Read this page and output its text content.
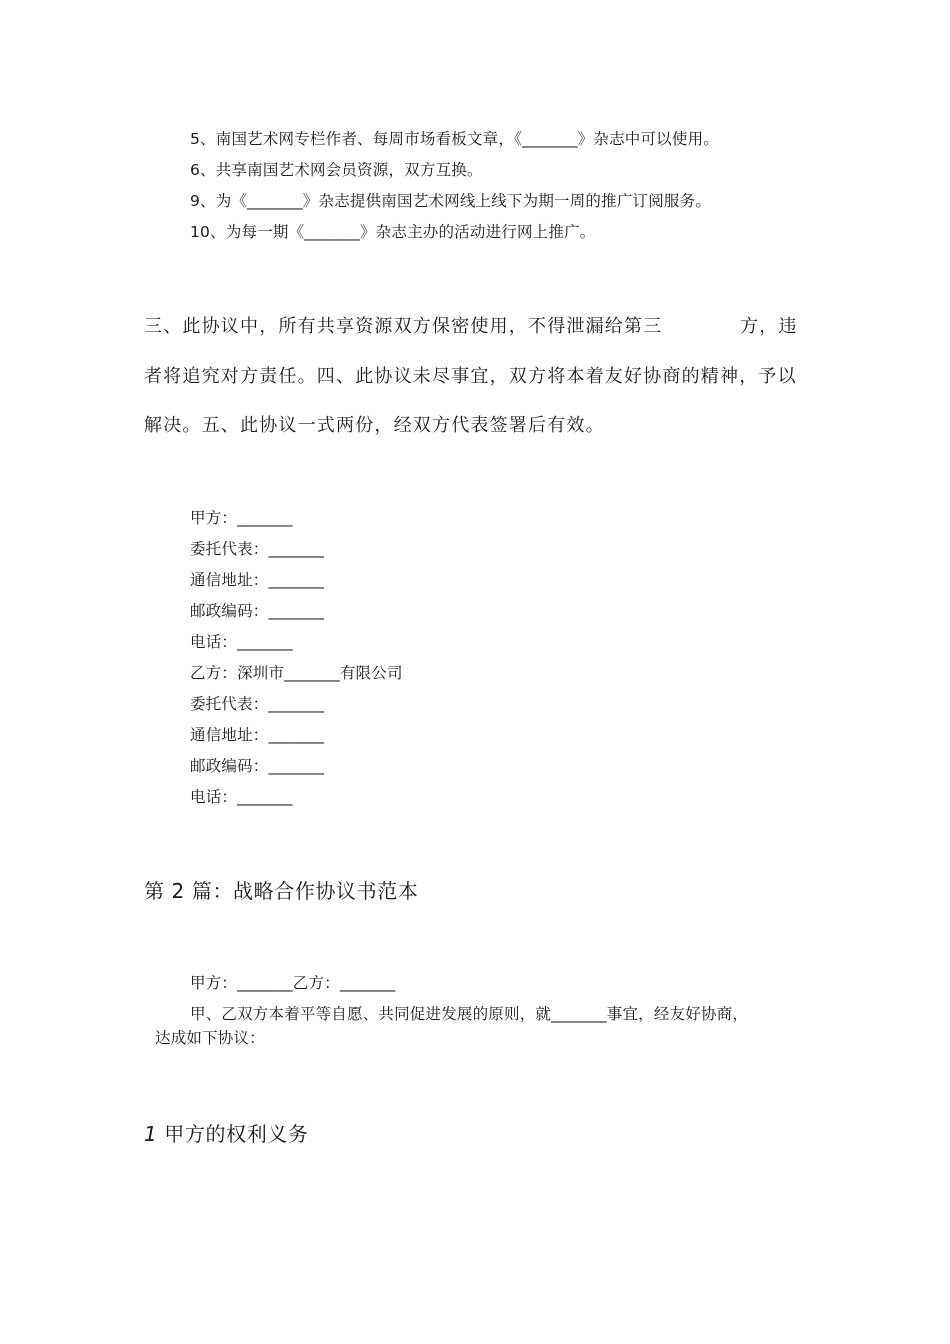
5、南国艺术网专栏作者、每周市场看板文章，《_______》杂志中可以使用。
6、共享南国艺术网会员资源，双方互换。
9、为《_______》杂志提供南国艺术网线上线下为期一周的推广订阅服务。
10、为每一期《_______》杂志主办的活动进行网上推广。
三、此协议中，所有共享资源双方保密使用，不得泄漏给第三	方，违
者将追究对方责任。四、此协议未尽事宜，双方将本着友好协商的精神，予以
解决。五、此协议一式两份，经双方代表签署后有效。
甲方：_______
委托代表：_______
通信地址：_______
邮政编码：_______
电话：_______
乙方：深圳市_______有限公司
委托代表：_______
通信地址：_______
邮政编码：_______
电话：_______
第 2 篇：战略合作协议书范本
甲方：_______乙方：_______
甲、乙双方本着平等自愿、共同促进发展的原则，就_______事宜，经友好协商，
达成如下协议：
1 甲方的权利义务
